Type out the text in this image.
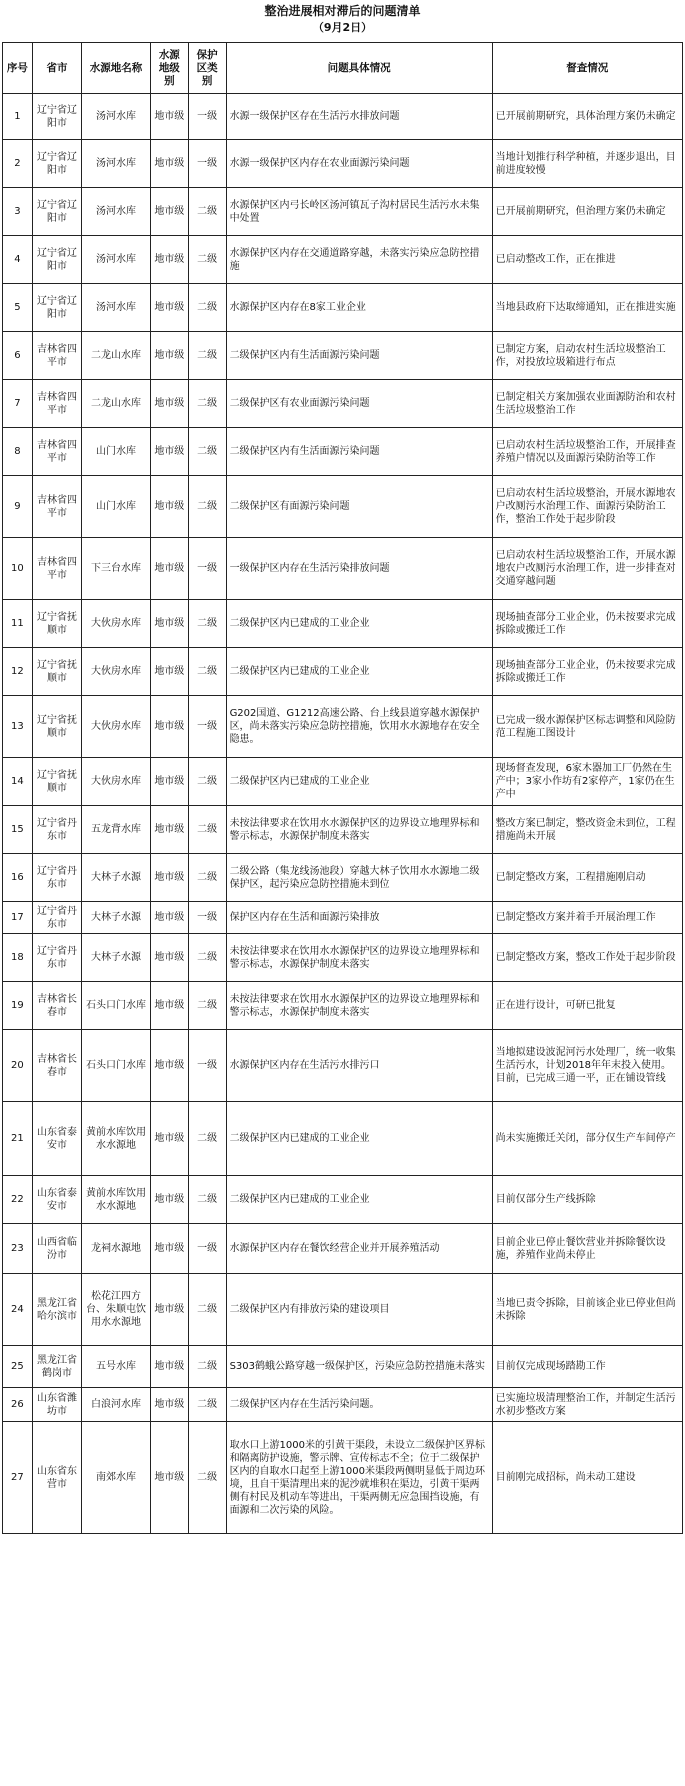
整治进展相对滞后的问题清单
（9月2日）
序号	省市	水源地名称	水源地级别	保护区类别	问题具体情况	督查情况
1	辽宁省辽阳市	汤河水库	地市级	一级	水源一级保护区存在生活污水排放问题	已开展前期研究，具体治理方案仍未确定
2	辽宁省辽阳市	汤河水库	地市级	一级	水源一级保护区内存在农业面源污染问题	当地计划推行科学种植，并逐步退出，目前进度较慢
3	辽宁省辽阳市	汤河水库	地市级	二级	水源保护区内弓长岭区汤河镇瓦子沟村居民生活污水未集中处置	已开展前期研究，但治理方案仍未确定
4	辽宁省辽阳市	汤河水库	地市级	二级	水源保护区内存在交通道路穿越，未落实污染应急防控措施	已启动整改工作，正在推进
5	辽宁省辽阳市	汤河水库	地市级	二级	水源保护区内存在8家工业企业	当地县政府下达取缔通知，正在推进实施
6	吉林省四平市	二龙山水库	地市级	二级	二级保护区内有生活面源污染问题	已制定方案，启动农村生活垃圾整治工作，对投放垃圾箱进行布点
7	吉林省四平市	二龙山水库	地市级	二级	二级保护区有农业面源污染问题	已制定相关方案加强农业面源防治和农村生活垃圾整治工作
8	吉林省四平市	山门水库	地市级	二级	二级保护区内有生活面源污染问题	已启动农村生活垃圾整治工作，开展排查养殖户情况以及面源污染防治等工作
9	吉林省四平市	山门水库	地市级	二级	二级保护区有面源污染问题	已启动农村生活垃圾整治，开展水源地农户改厕污水治理工作、面源污染防治工作，整治工作处于起步阶段
10	吉林省四平市	下三台水库	地市级	一级	一级保护区内存在生活污染排放问题	已启动农村生活垃圾整治工作，开展水源地农户改厕污水治理工作，进一步排查对交通穿越问题
11	辽宁省抚顺市	大伙房水库	地市级	二级	二级保护区内已建成的工业企业	现场抽查部分工业企业，仍未按要求完成拆除或搬迁工作
12	辽宁省抚顺市	大伙房水库	地市级	二级	二级保护区内已建成的工业企业	现场抽查部分工业企业，仍未按要求完成拆除或搬迁工作
13	辽宁省抚顺市	大伙房水库	地市级	一级	G202国道、G1212高速公路、台上线县道穿越水源保护区，尚未落实污染应急防控措施，饮用水水源地存在安全隐患。	已完成一级水源保护区标志调整和风险防范工程施工图设计
14	辽宁省抚顺市	大伙房水库	地市级	二级	二级保护区内已建成的工业企业	现场督查发现，6家木器加工厂仍然在生产中；3家小作坊有2家停产，1家仍在生产中
15	辽宁省丹东市	五龙背水库	地市级	二级	未按法律要求在饮用水水源保护区的边界设立地理界标和警示标志，水源保护制度未落实	整改方案已制定，整改资金未到位，工程措施尚未开展
16	辽宁省丹东市	大林子水源	地市级	二级	二级公路（集龙线汤池段）穿越大林子饮用水水源地二级保护区，起污染应急防控措施未到位	已制定整改方案，工程措施刚启动
17	辽宁省丹东市	大林子水源	地市级	一级	保护区内存在生活和面源污染排放	已制定整改方案并着手开展治理工作
18	辽宁省丹东市	大林子水源	地市级	二级	未按法律要求在饮用水水源保护区的边界设立地理界标和警示标志，水源保护制度未落实	已制定整改方案，整改工作处于起步阶段
19	吉林省长春市	石头口门水库	地市级	二级	未按法律要求在饮用水水源保护区的边界设立地理界标和警示标志，水源保护制度未落实	正在进行设计，可研已批复
20	吉林省长春市	石头口门水库	地市级	一级	水源保护区内存在生活污水排污口	当地拟建设波泥河污水处理厂，统一收集生活污水，计划2018年年末投入使用。目前，已完成三通一平，正在铺设管线
21	山东省泰安市	黄前水库饮用水水源地	地市级	二级	二级保护区内已建成的工业企业	尚未实施搬迁关闭，部分仅生产车间停产
22	山东省泰安市	黄前水库饮用水水源地	地市级	二级	二级保护区内已建成的工业企业	目前仅部分生产线拆除
23	山西省临汾市	龙祠水源地	地市级	一级	水源保护区内存在餐饮经营企业并开展养殖活动	目前企业已停止餐饮营业并拆除餐饮设施，养殖作业尚未停止
24	黑龙江省哈尔滨市	松花江四方台、朱顺屯饮用水水源地	地市级	二级	二级保护区内有排放污染的建设项目	当地已责令拆除，目前该企业已停业但尚未拆除
25	黑龙江省鹤岗市	五号水库	地市级	二级	S303鹤蛾公路穿越一级保护区，污染应急防控措施未落实	目前仅完成现场踏勘工作
26	山东省潍坊市	白浪河水库	地市级	二级	二级保护区内存在生活污染问题。	已实施垃圾清理整治工作，并制定生活污水初步整改方案
27	山东省东营市	南郊水库	地市级	二级	取水口上游1000米的引黄干渠段，未设立二级保护区界标和隔离防护设施，警示牌、宣传标志不全；位于二级保护区内的自取水口起至上游1000米渠段两侧明显低于周边环境，且自干渠清理出来的泥沙就堆积在渠边，引黄干渠两侧有村民及机动车等进出，干渠两侧无应急围挡设施，有面源和二次污染的风险。	目前刚完成招标，尚未动工建设
